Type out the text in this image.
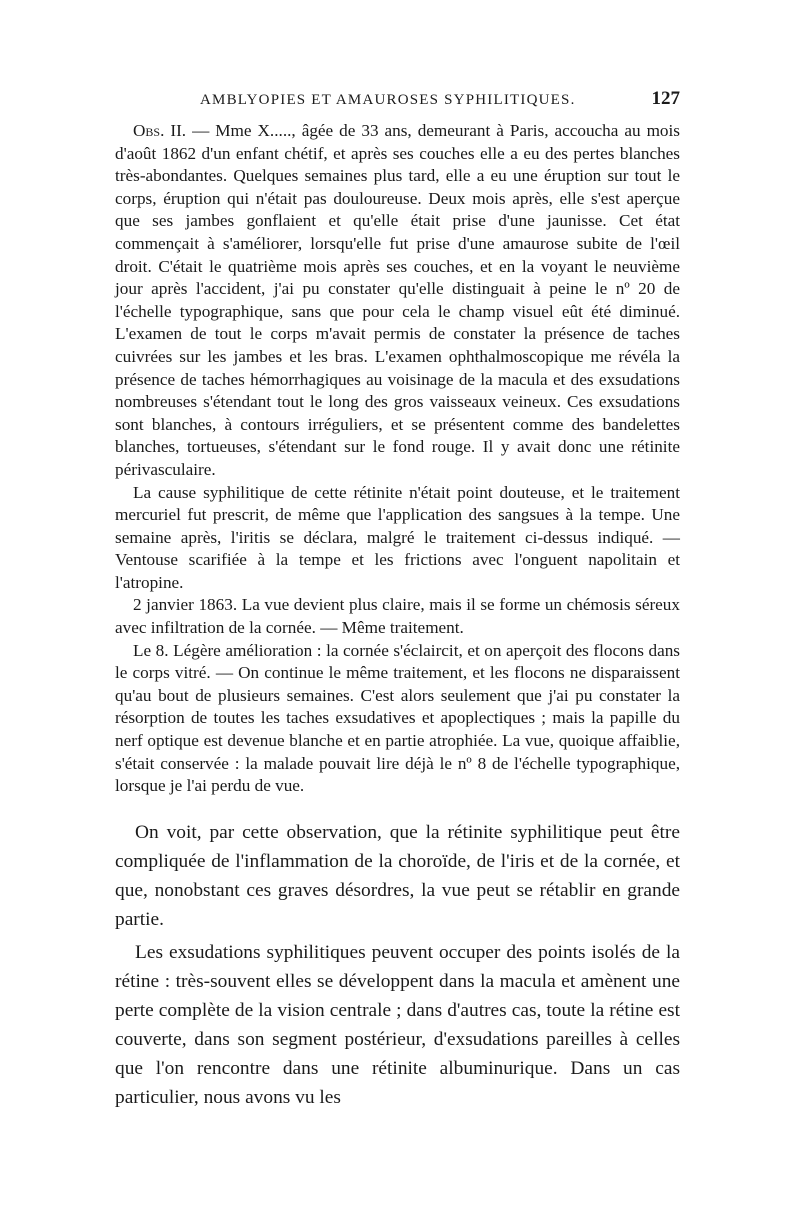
AMBLYOPIES ET AMAUROSES SYPHILITIQUES.	127

Obs. II. — Mme X....., âgée de 33 ans, demeurant à Paris, accoucha au mois d'août 1862 d'un enfant chétif, et après ses couches elle a eu des pertes blanches très-abondantes. Quelques semaines plus tard, elle a eu une éruption sur tout le corps, éruption qui n'était pas douloureuse. Deux mois après, elle s'est aperçue que ses jambes gonflaient et qu'elle était prise d'une jaunisse. Cet état commençait à s'améliorer, lorsqu'elle fut prise d'une amaurose subite de l'œil droit. C'était le quatrième mois après ses couches, et en la voyant le neuvième jour après l'accident, j'ai pu constater qu'elle distinguait à peine le nº 20 de l'échelle typographique, sans que pour cela le champ visuel eût été diminué. L'examen de tout le corps m'avait permis de constater la présence de taches cuivrées sur les jambes et les bras. L'examen ophthalmoscopique me révéla la présence de taches hémorrhagiques au voisinage de la macula et des exsudations nombreuses s'étendant tout le long des gros vaisseaux veineux. Ces exsudations sont blanches, à contours irréguliers, et se présentent comme des bandelettes blanches, tortueuses, s'étendant sur le fond rouge. Il y avait donc une rétinite périvasculaire.

La cause syphilitique de cette rétinite n'était point douteuse, et le traitement mercuriel fut prescrit, de même que l'application des sangsues à la tempe. Une semaine après, l'iritis se déclara, malgré le traitement ci-dessus indiqué. — Ventouse scarifiée à la tempe et les frictions avec l'onguent napolitain et l'atropine.

2 janvier 1863. La vue devient plus claire, mais il se forme un chémosis séreux avec infiltration de la cornée. — Même traitement.

Le 8. Légère amélioration : la cornée s'éclaircit, et on aperçoit des flocons dans le corps vitré. — On continue le même traitement, et les flocons ne disparaissent qu'au bout de plusieurs semaines. C'est alors seulement que j'ai pu constater la résorption de toutes les taches exsudatives et apoplectiques ; mais la papille du nerf optique est devenue blanche et en partie atrophiée. La vue, quoique affaiblie, s'était conservée : la malade pouvait lire déjà le nº 8 de l'échelle typographique, lorsque je l'ai perdu de vue.

On voit, par cette observation, que la rétinite syphilitique peut être compliquée de l'inflammation de la choroïde, de l'iris et de la cornée, et que, nonobstant ces graves désordres, la vue peut se rétablir en grande partie.

Les exsudations syphilitiques peuvent occuper des points isolés de la rétine : très-souvent elles se développent dans la macula et amènent une perte complète de la vision centrale ; dans d'autres cas, toute la rétine est couverte, dans son segment postérieur, d'exsudations pareilles à celles que l'on rencontre dans une rétinite albuminurique. Dans un cas particulier, nous avons vu les
